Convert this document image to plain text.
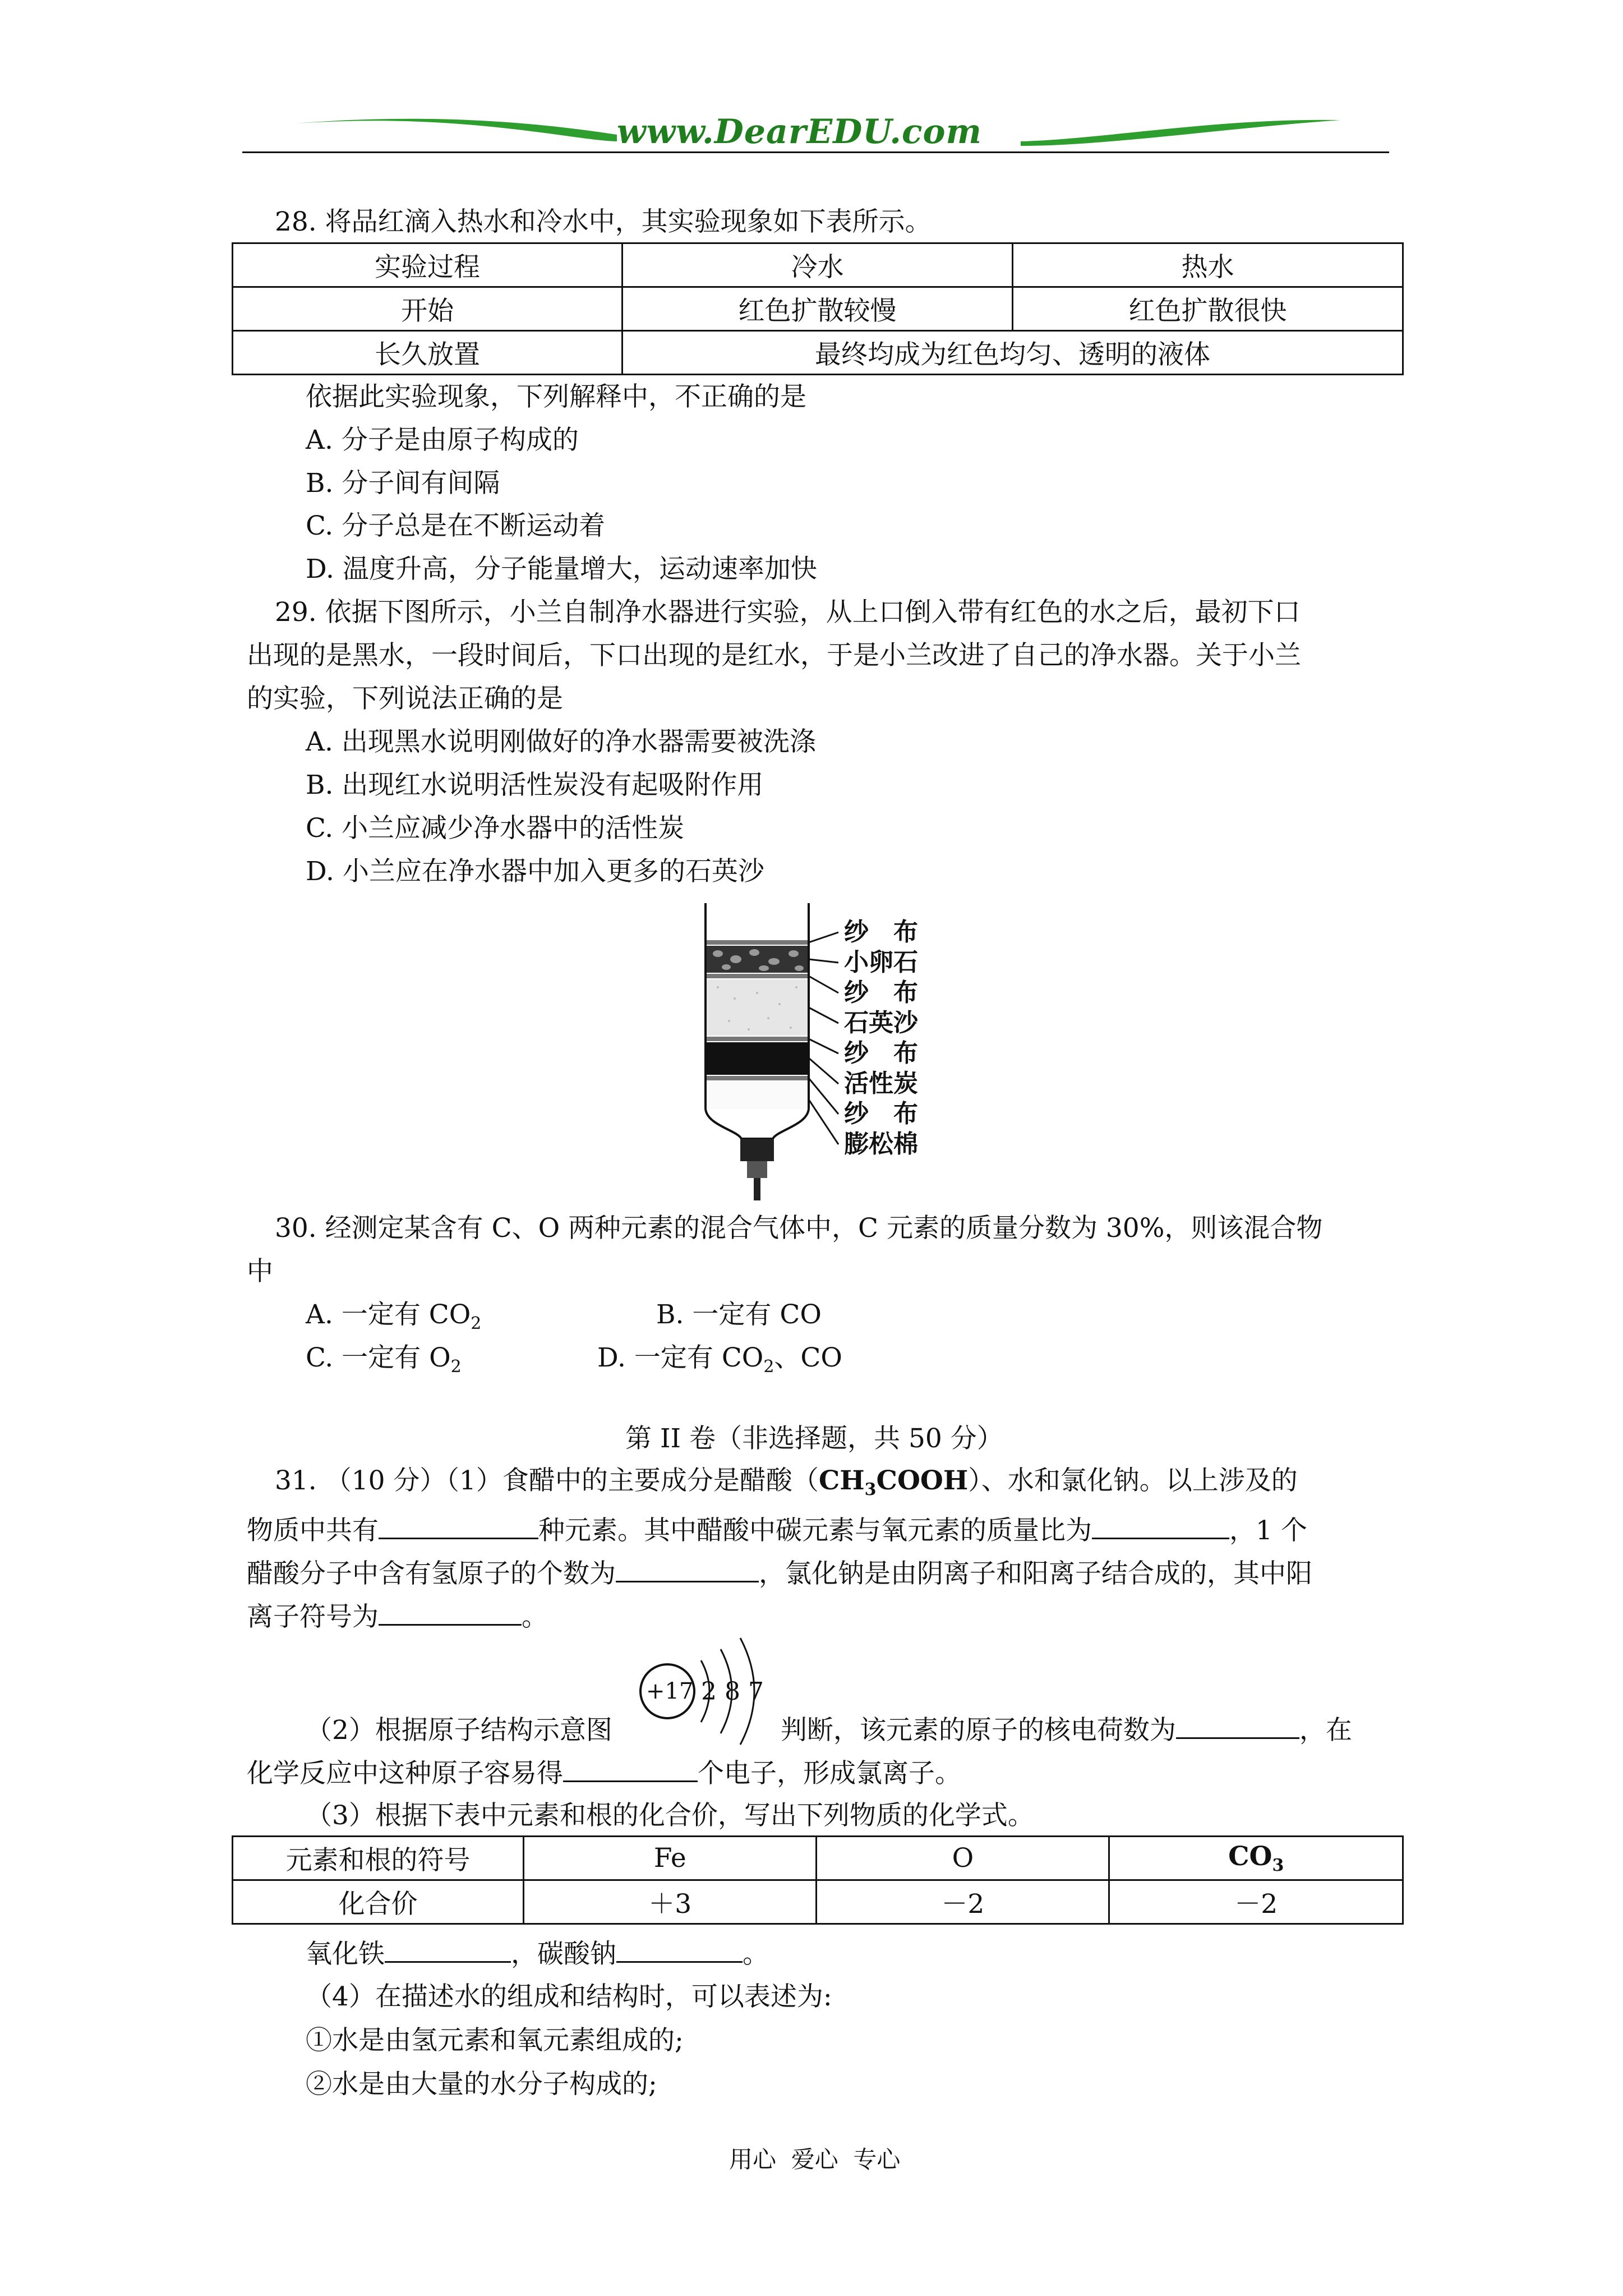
www.DearEDU.com
28. 将品红滴入热水和冷水中，其实验现象如下表所示。
实验过程	冷水	热水
开始	红色扩散较慢	红色扩散很快
长久放置	最终均成为红色均匀、透明的液体	
依据此实验现象，下列解释中，不正确的是
A. 分子是由原子构成的
B. 分子间有间隔
C. 分子总是在不断运动着
D. 温度升高，分子能量增大，运动速率加快
29. 依据下图所示，小兰自制净水器进行实验，从上口倒入带有红色的水之后，最初下口
出现的是黑水，一段时间后，下口出现的是红水，于是小兰改进了自己的净水器。关于小兰
的实验，下列说法正确的是
A. 出现黑水说明刚做好的净水器需要被洗涤
B. 出现红水说明活性炭没有起吸附作用
C. 小兰应减少净水器中的活性炭
D. 小兰应在净水器中加入更多的石英沙
纱　布
小卵石
纱　布
石英沙
纱　布
活性炭
纱　布
膨松棉
30. 经测定某含有 C、O 两种元素的混合气体中，C 元素的质量分数为 30%，则该混合物
中
A. 一定有 $CO_2$	B. 一定有 CO
C. 一定有 $O_2$	D. 一定有 $CO_2$、CO
第 II 卷（非选择题，共 50 分）
31. （10 分）（1）食醋中的主要成分是醋酸$(CH_3COOH)$、水和氯化钠。以上涉及的
物质中共有	种元素。其中醋酸中碳元素与氧元素的质量比为	，1 个
醋酸分子中含有氢原子的个数为	，氯化钠是由阴离子和阳离子结合成的，其中阳
离子符号为	。
+17 2 8 7
（2）根据原子结构示意图	判断，该元素的原子的核电荷数为	，在
化学反应中这种原子容易得	个电子，形成氯离子。
（3）根据下表中元素和根的化合价，写出下列物质的化学式。
元素和根的符号	Fe	O	$CO_3$
化合价	＋3	－2	－2
氧化铁	，碳酸钠	。
（4）在描述水的组成和结构时，可以表述为:
①水是由氢元素和氧元素组成的;
②水是由大量的水分子构成的;
用心  爱心  专心
